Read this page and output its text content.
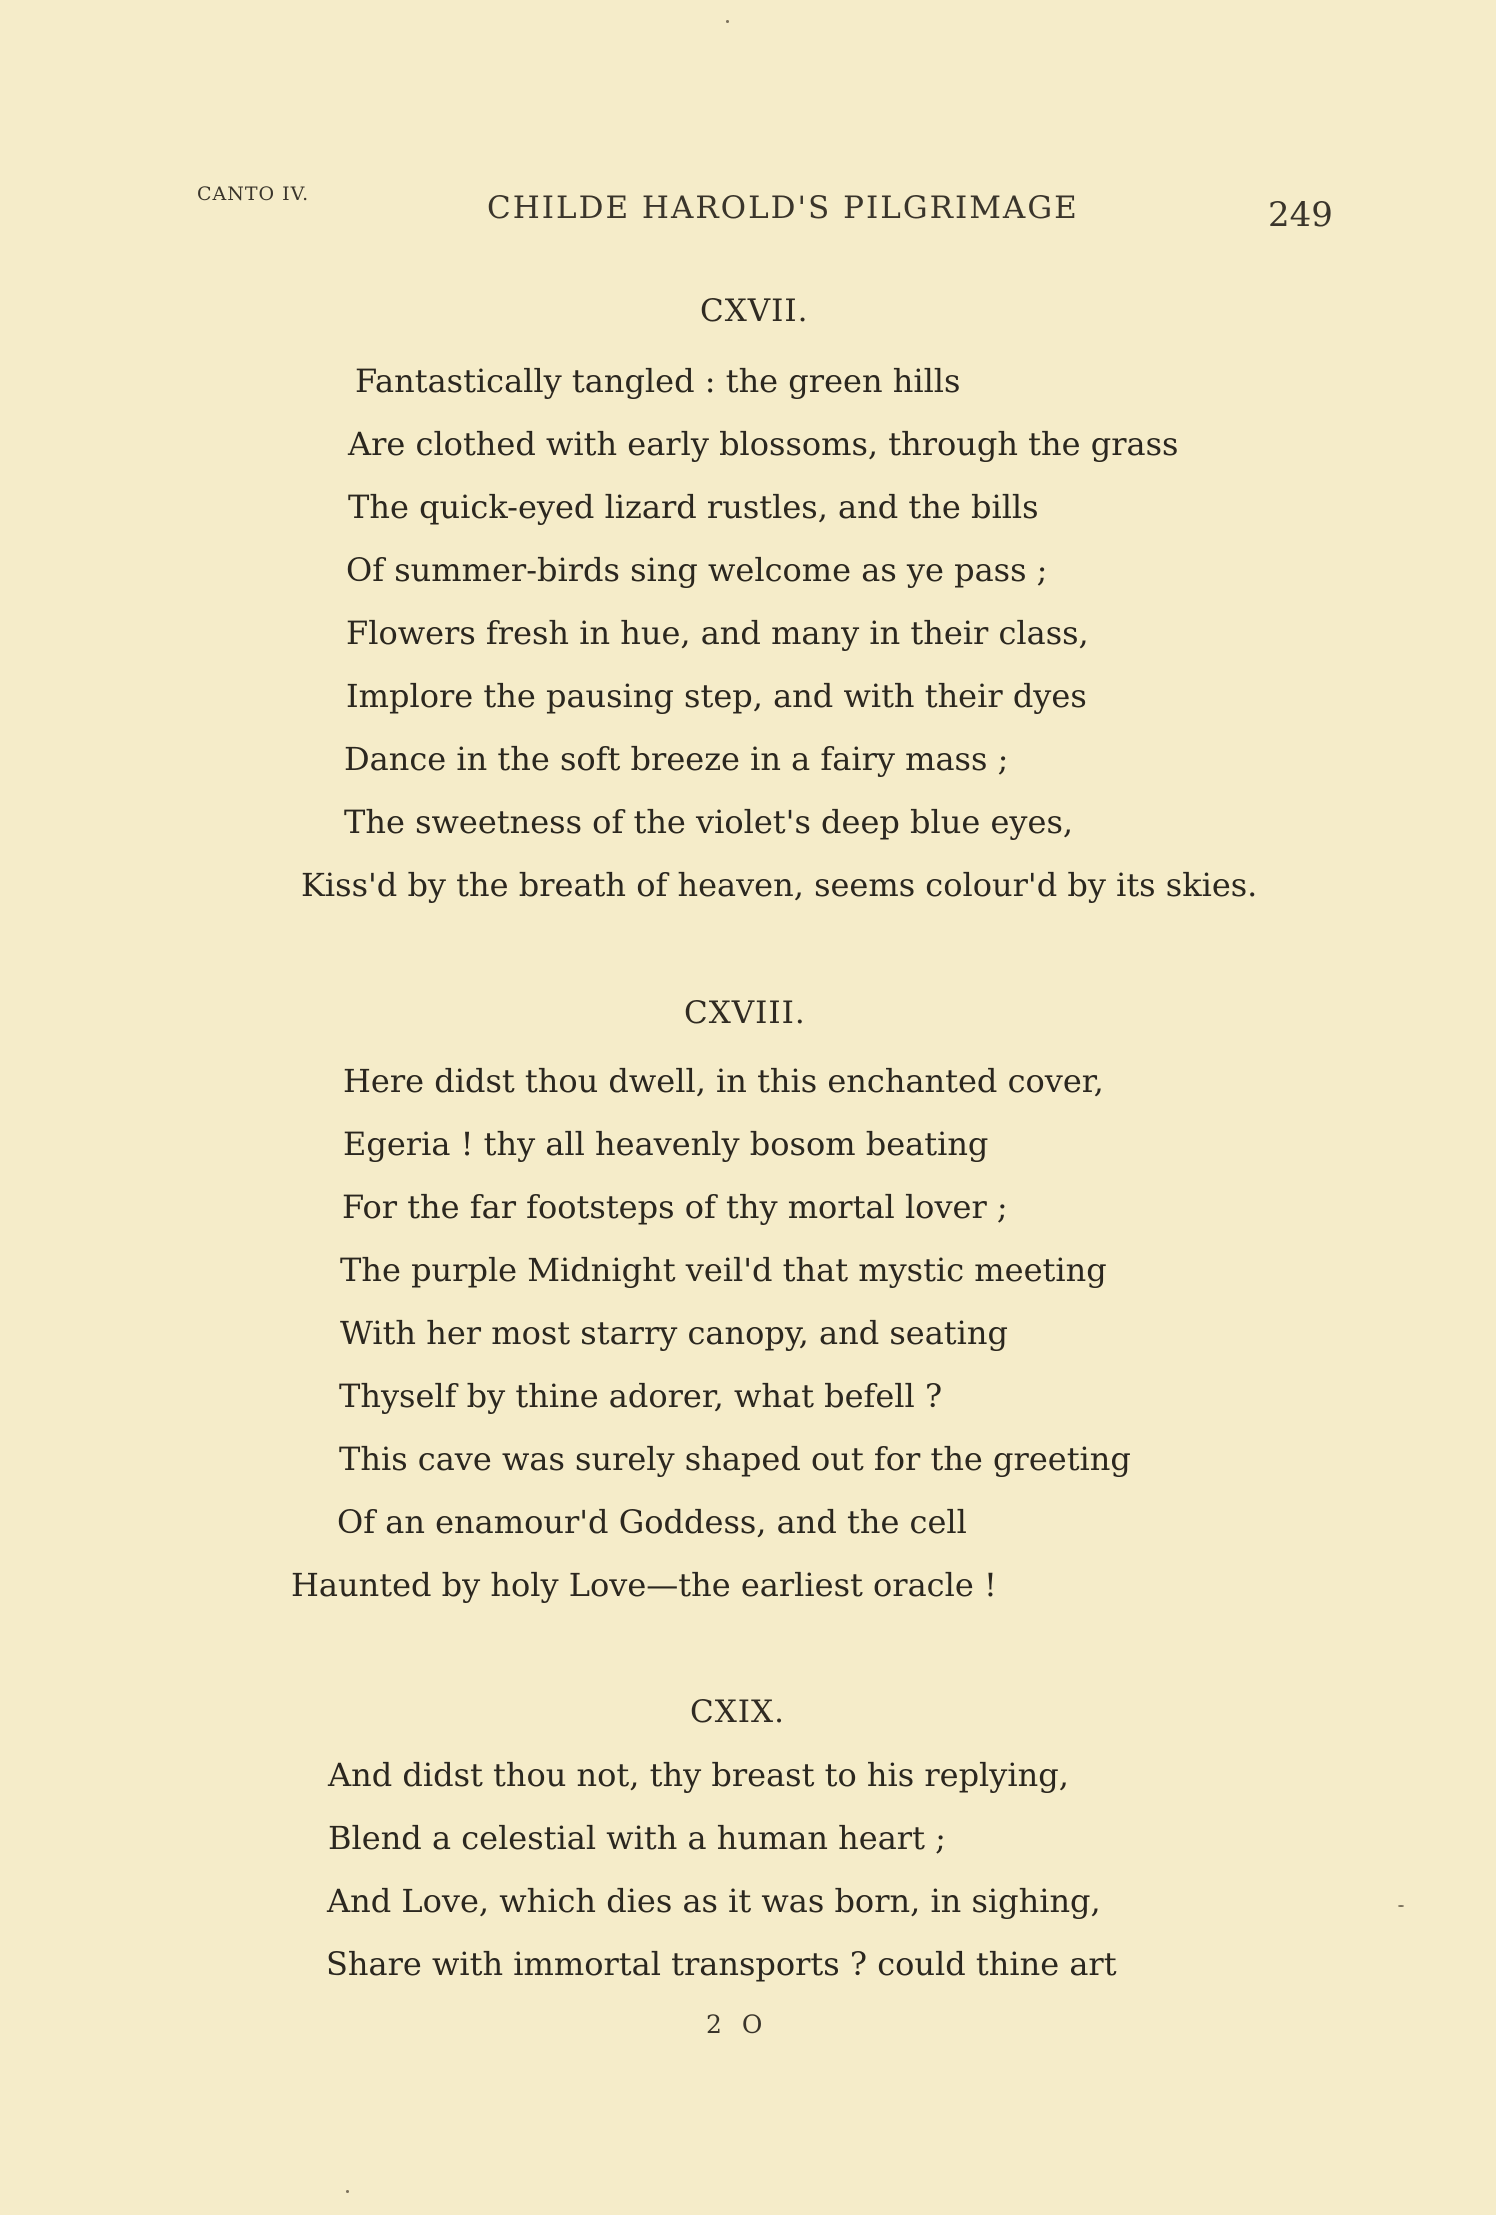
CANTO IV.	CHILDE HAROLD'S PILGRIMAGE	249
CXVII.
Fantastically tangled : the green hills
Are clothed with early blossoms, through the grass
The quick-eyed lizard rustles, and the bills
Of summer-birds sing welcome as ye pass ;
Flowers fresh in hue, and many in their class,
Implore the pausing step, and with their dyes
Dance in the soft breeze in a fairy mass ;
The sweetness of the violet's deep blue eyes,
Kiss'd by the breath of heaven, seems colour'd by its skies.
CXVIII.
Here didst thou dwell, in this enchanted cover,
Egeria ! thy all heavenly bosom beating
For the far footsteps of thy mortal lover ;
The purple Midnight veil'd that mystic meeting
With her most starry canopy, and seating
Thyself by thine adorer, what befell ?
This cave was surely shaped out for the greeting
Of an enamour'd Goddess, and the cell
Haunted by holy Love—the earliest oracle !
CXIX.
And didst thou not, thy breast to his replying,
Blend a celestial with a human heart ;
And Love, which dies as it was born, in sighing,
Share with immortal transports ? could thine art
2 O
